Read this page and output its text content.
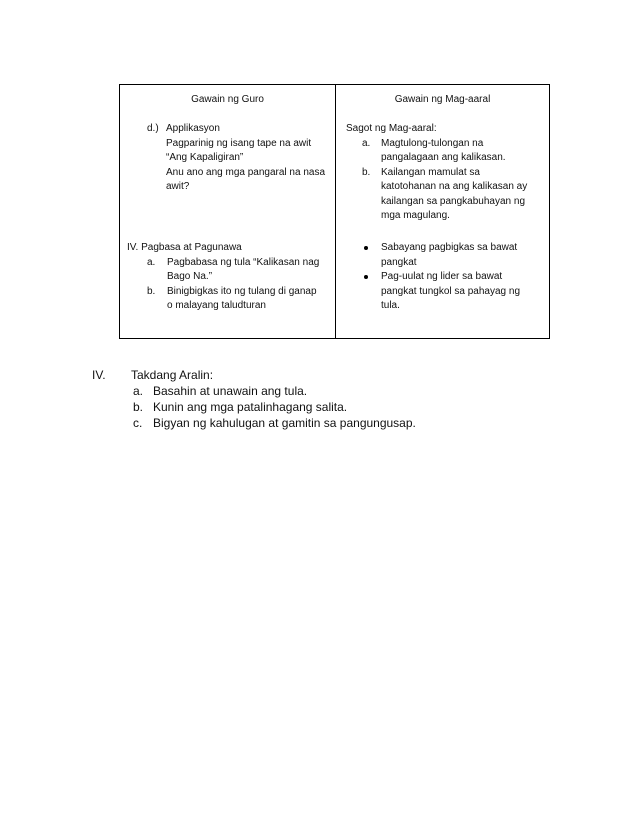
Gawain ng Guro
d.) Applikasyon
Pagparinig ng isang tape na awit
“Ang Kapaligiran”
Anu ano ang mga pangaral na nasa
awit?
IV. Pagbasa at Pagunawa
a. Pagbabasa ng tula “Kalikasan nag
Bago Na.”
b. Binigbigkas ito ng tulang di ganap
o malayang taludturan
Gawain ng Mag-aaral
Sagot ng Mag-aaral:
a. Magtulong-tulongan na
pangalagaan ang kalikasan.
b. Kailangan mamulat sa
katotohanan na ang kalikasan ay
kailangan sa pangkabuhayan ng
mga magulang.
Sabayang pagbigkas sa bawat
pangkat
Pag-uulat ng lider sa bawat
pangkat tungkol sa pahayag ng
tula.
IV. Takdang Aralin:
a. Basahin at unawain ang tula.
b. Kunin ang mga patalinhagang salita.
c. Bigyan ng kahulugan at gamitin sa pangungusap.
